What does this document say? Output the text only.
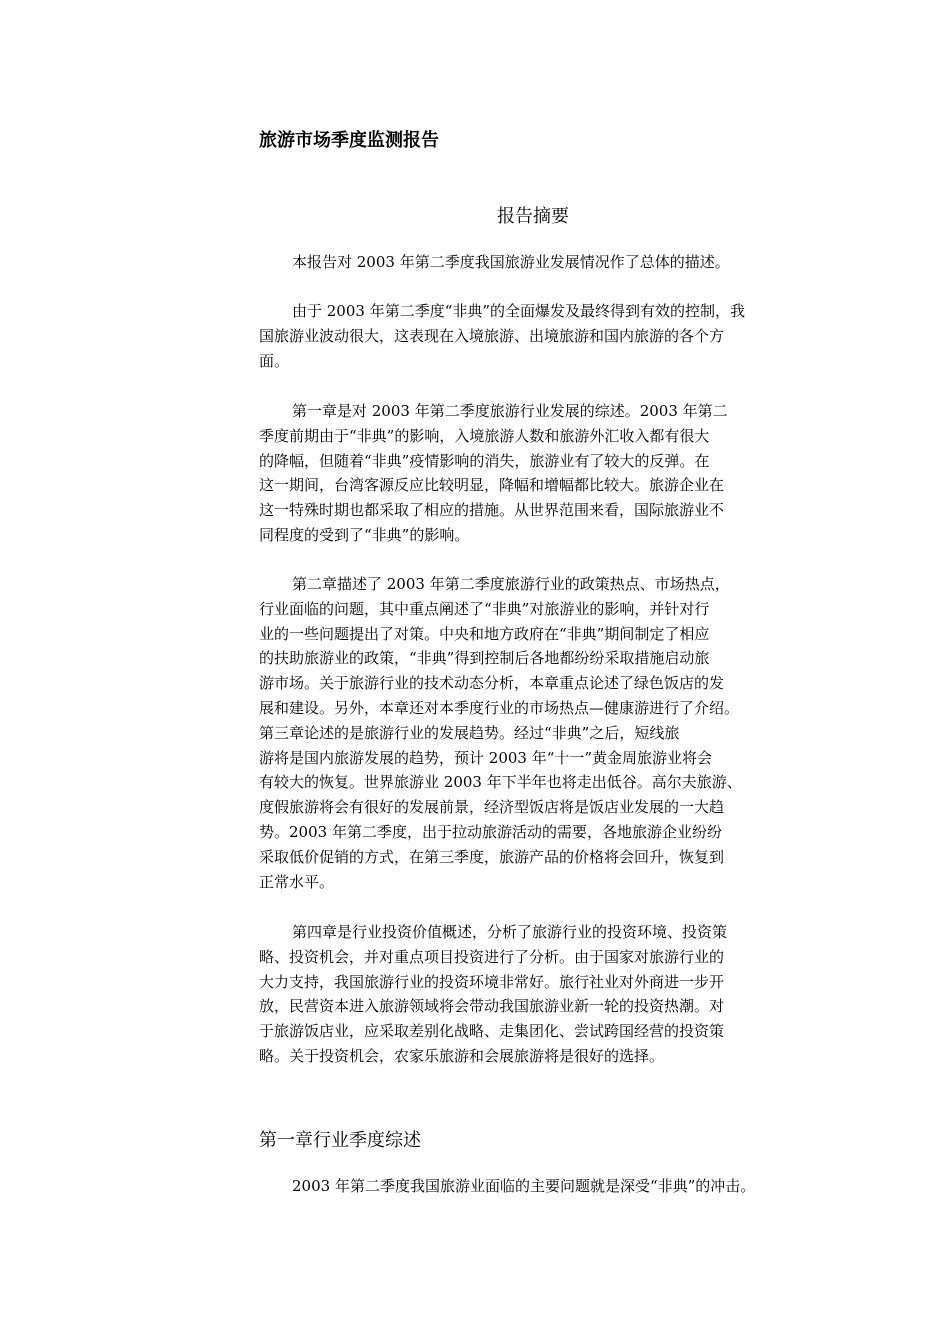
旅游市场季度监测报告
报告摘要
本报告对 2003 年第二季度我国旅游业发展情况作了总体的描述。
由于 2003 年第二季度“非典”的全面爆发及最终得到有效的控制，我
国旅游业波动很大，这表现在入境旅游、出境旅游和国内旅游的各个方
面。
第一章是对 2003 年第二季度旅游行业发展的综述。2003 年第二
季度前期由于“非典”的影响，入境旅游人数和旅游外汇收入都有很大
的降幅，但随着“非典”疫情影响的消失，旅游业有了较大的反弹。在
这一期间，台湾客源反应比较明显，降幅和增幅都比较大。旅游企业在
这一特殊时期也都采取了相应的措施。从世界范围来看，国际旅游业不
同程度的受到了“非典”的影响。
第二章描述了 2003 年第二季度旅游行业的政策热点、市场热点，
行业面临的问题，其中重点阐述了“非典”对旅游业的影响，并针对行
业的一些问题提出了对策。中央和地方政府在“非典”期间制定了相应
的扶助旅游业的政策，“非典”得到控制后各地都纷纷采取措施启动旅
游市场。关于旅游行业的技术动态分析，本章重点论述了绿色饭店的发
展和建设。另外，本章还对本季度行业的市场热点—健康游进行了介绍。
第三章论述的是旅游行业的发展趋势。经过“非典”之后，短线旅
游将是国内旅游发展的趋势，预计 2003 年“十一”黄金周旅游业将会
有较大的恢复。世界旅游业 2003 年下半年也将走出低谷。高尔夫旅游、
度假旅游将会有很好的发展前景，经济型饭店将是饭店业发展的一大趋
势。2003 年第二季度，出于拉动旅游活动的需要，各地旅游企业纷纷
采取低价促销的方式，在第三季度，旅游产品的价格将会回升，恢复到
正常水平。
第四章是行业投资价值概述，分析了旅游行业的投资环境、投资策
略、投资机会，并对重点项目投资进行了分析。由于国家对旅游行业的
大力支持，我国旅游行业的投资环境非常好。旅行社业对外商进一步开
放，民营资本进入旅游领域将会带动我国旅游业新一轮的投资热潮。对
于旅游饭店业，应采取差别化战略、走集团化、尝试跨国经营的投资策
略。关于投资机会，农家乐旅游和会展旅游将是很好的选择。
第一章行业季度综述
2003 年第二季度我国旅游业面临的主要问题就是深受“非典”的冲击。
